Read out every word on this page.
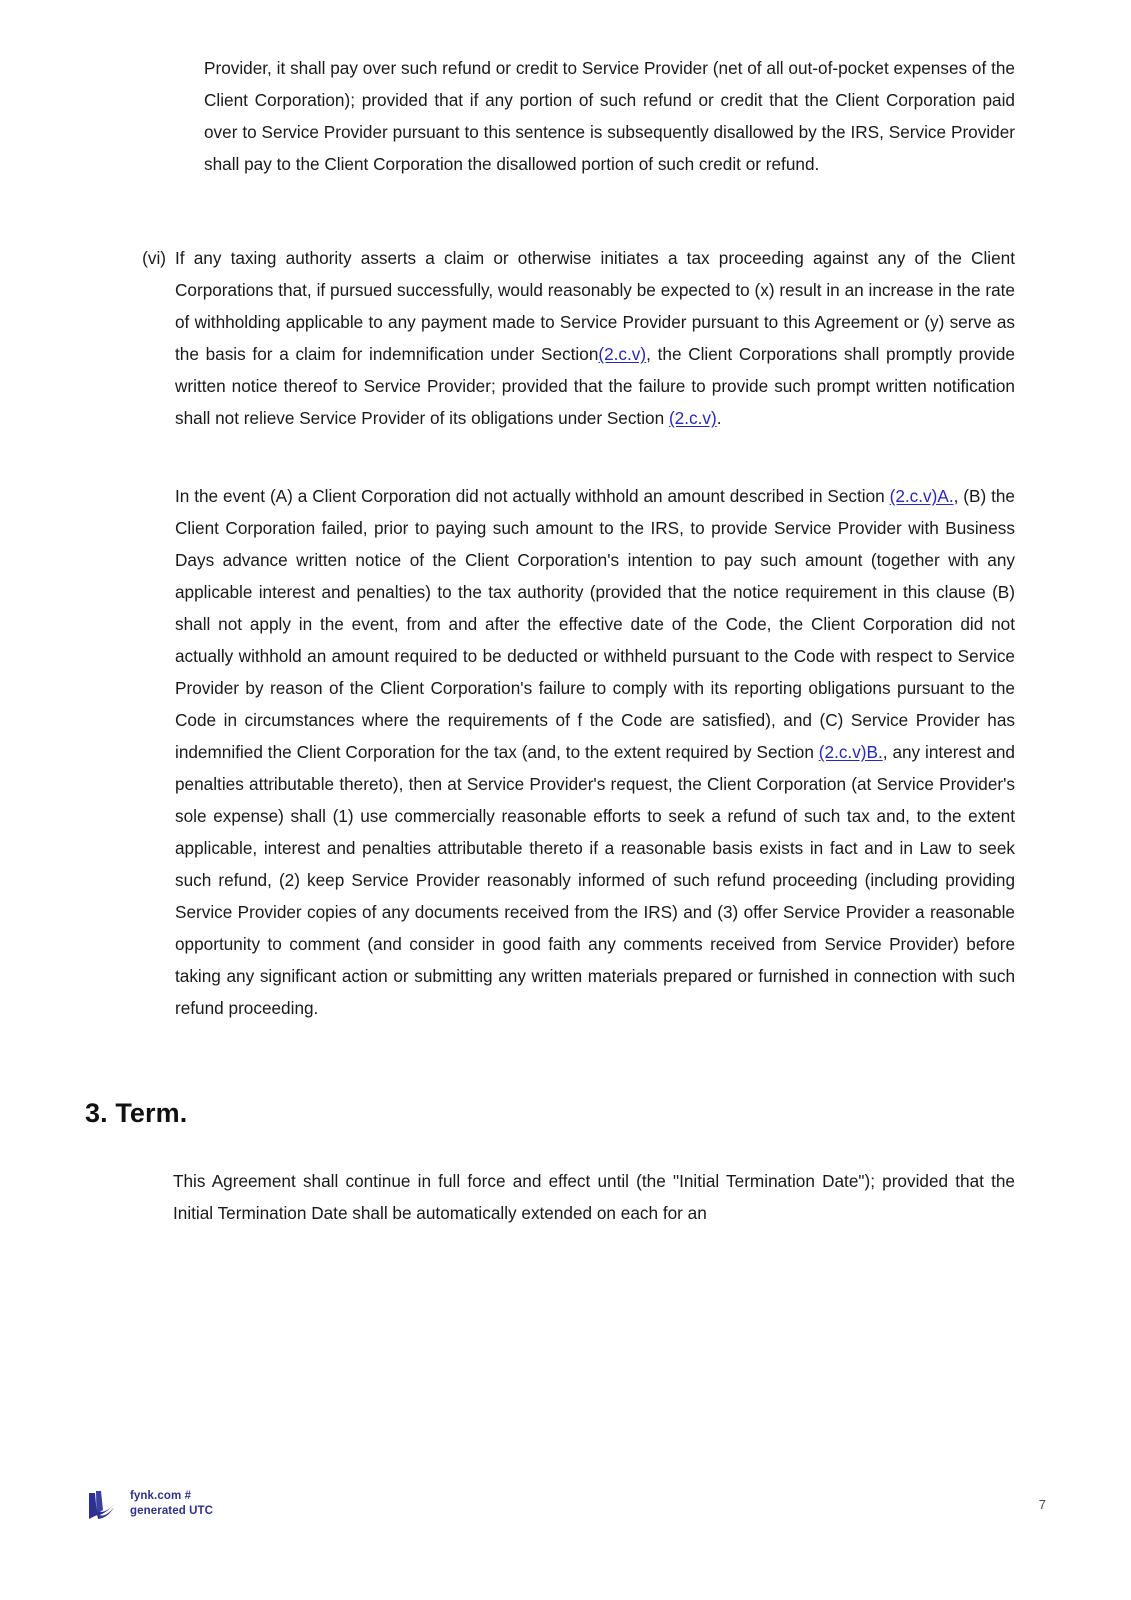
Provider, it shall pay over such refund or credit to Service Provider (net of all out-of-pocket expenses of the Client Corporation); provided that if any portion of such refund or credit that the Client Corporation paid over to Service Provider pursuant to this sentence is subsequently disallowed by the IRS, Service Provider shall pay to the Client Corporation the disallowed portion of such credit or refund.

(vi) If any taxing authority asserts a claim or otherwise initiates a tax proceeding against any of the Client Corporations that, if pursued successfully, would reasonably be expected to (x) result in an increase in the rate of withholding applicable to any payment made to Service Provider pursuant to this Agreement or (y) serve as the basis for a claim for indemnification under Section(2.c.v), the Client Corporations shall promptly provide written notice thereof to Service Provider; provided that the failure to provide such prompt written notification shall not relieve Service Provider of its obligations under Section (2.c.v).

In the event (A) a Client Corporation did not actually withhold an amount described in Section (2.c.v)A., (B) the Client Corporation failed, prior to paying such amount to the IRS, to provide Service Provider with Business Days advance written notice of the Client Corporation's intention to pay such amount (together with any applicable interest and penalties) to the tax authority (provided that the notice requirement in this clause (B) shall not apply in the event, from and after the effective date of the Code, the Client Corporation did not actually withhold an amount required to be deducted or withheld pursuant to the Code with respect to Service Provider by reason of the Client Corporation's failure to comply with its reporting obligations pursuant to the Code in circumstances where the requirements of f the Code are satisfied), and (C) Service Provider has indemnified the Client Corporation for the tax (and, to the extent required by Section (2.c.v)B., any interest and penalties attributable thereto), then at Service Provider's request, the Client Corporation (at Service Provider's sole expense) shall (1) use commercially reasonable efforts to seek a refund of such tax and, to the extent applicable, interest and penalties attributable thereto if a reasonable basis exists in fact and in Law to seek such refund, (2) keep Service Provider reasonably informed of such refund proceeding (including providing Service Provider copies of any documents received from the IRS) and (3) offer Service Provider a reasonable opportunity to comment (and consider in good faith any comments received from Service Provider) before taking any significant action or submitting any written materials prepared or furnished in connection with such refund proceeding.

3. Term.

This Agreement shall continue in full force and effect until (the "Initial Termination Date"); provided that the Initial Termination Date shall be automatically extended on each for an

fynk.com #
generated UTC	7
